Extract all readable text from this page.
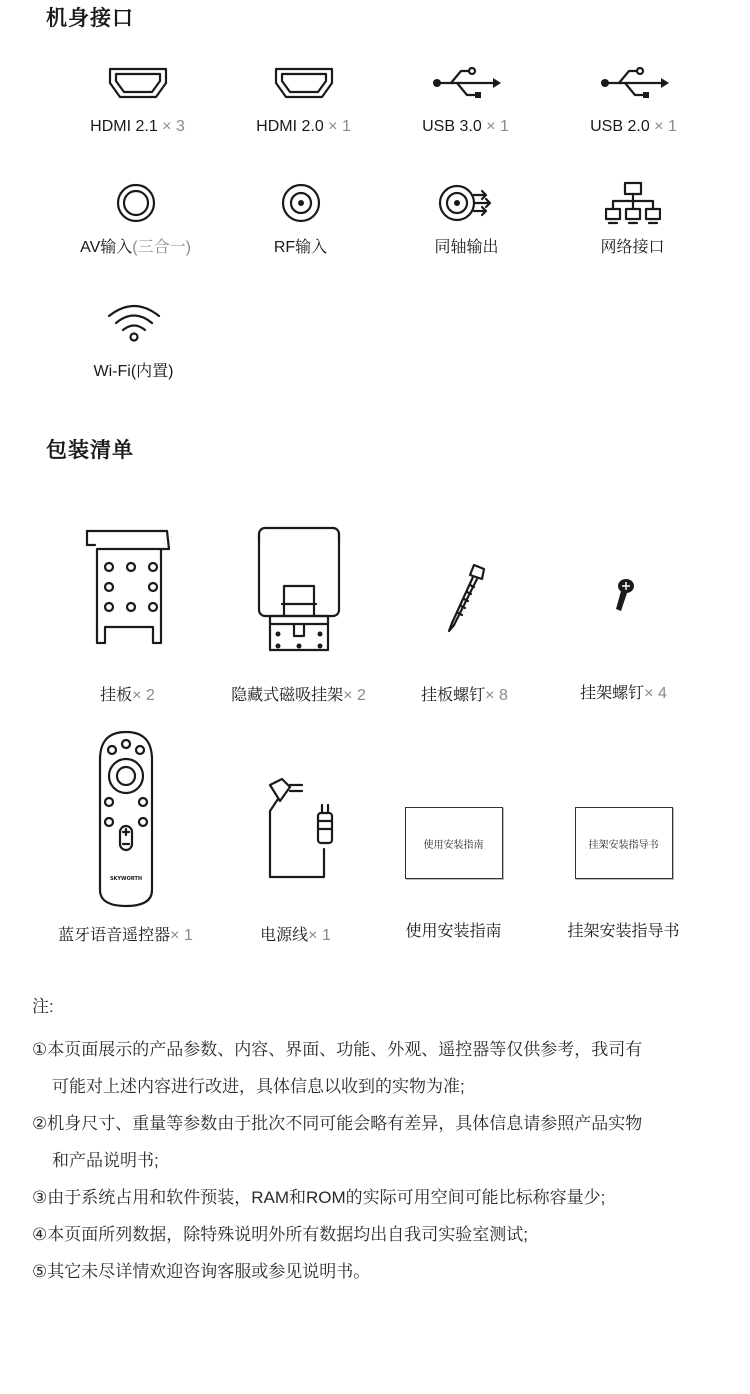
机身接口
HDMI 2.1 × 3	HDMI 2.0 × 1	USB 3.0 × 1	USB 2.0 × 1
AV输入(三合一)	RF输入	同轴输出	网络接口
Wi-Fi(内置)
包装清单
挂板× 2	隐藏式磁吸挂架× 2	挂板螺钉× 8	挂架螺钉× 4
SKYWORTH
蓝牙语音遥控器× 1	电源线× 1
使用安装指南
使用安装指南
挂架安装指导书
挂架安装指导书
注:
①本页面展示的产品参数、内容、界面、功能、外观、遥控器等仅供参考，我司有
可能对上述内容进行改进，具体信息以收到的实物为准;
②机身尺寸、重量等参数由于批次不同可能会略有差异，具体信息请参照产品实物
和产品说明书;
③由于系统占用和软件预装，RAM和ROM的实际可用空间可能比标称容量少;
④本页面所列数据，除特殊说明外所有数据均出自我司实验室测试;
⑤其它未尽详情欢迎咨询客服或参见说明书。
